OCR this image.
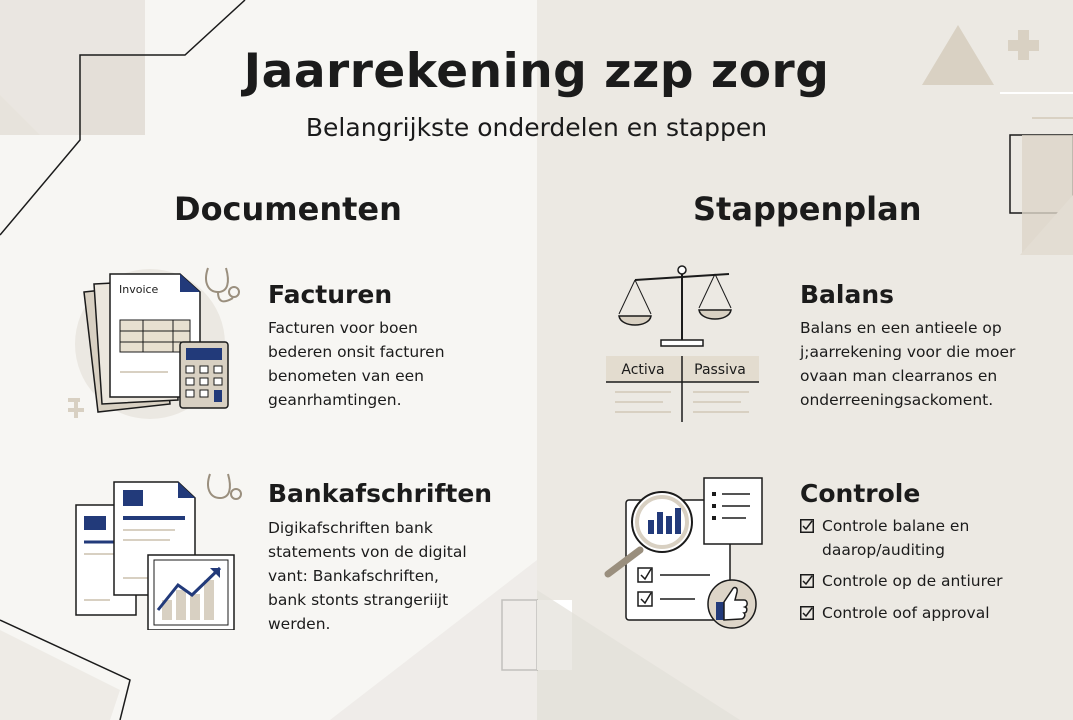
Jaarrekening zzp zorg
Belangrijkste onderdelen en stappen
Documenten	Stappenplan
Invoice	Facturen
Facturen voor boen
bederen onsit facturen
benometen van een
geanrhamtingen.
Bankafschriften
Digikafschriften bank
statements von de digital
vant: Bankafschriften,
bank stonts strangeriijt
werden.
Activa Passiva
Balans
Balans en een antieele op
j;aarrekening voor die moer
ovaan man clearranos en
onderreeningsackoment.
Controle
Controle balane en
daarop/auditing
Controle op de antiurer
Controle oof approval
